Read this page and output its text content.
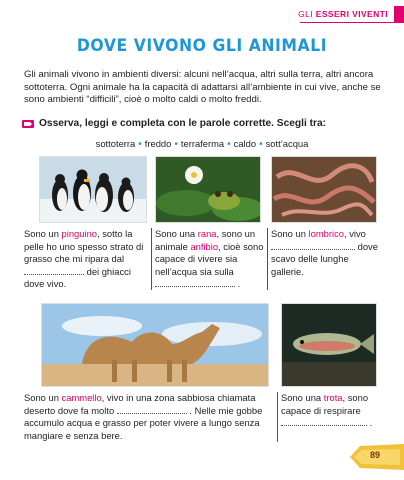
GLI ESSERI VIVENTI
DOVE VIVONO GLI ANIMALI
Gli animali vivono in ambienti diversi: alcuni nell’acqua, altri sulla terra, altri ancora sottoterra. Ogni animale ha la capacità di adattarsi all’ambiente in cui vive, anche se sono ambienti “difficili”, cioè o molto caldi o molto freddi.
Osserva, leggi e completa con le parole corrette. Scegli tra:
sottoterra • freddo • terraferma • caldo • sott’acqua
Sono un pinguino, sotto la pelle ho uno spesso strato di grasso che mi ripara dal  dei ghiacci dove vivo.
Sono una rana, sono un animale anfibio, cioè sono capace di vivere sia nell’acqua sia sulla  .
Sono un lombrico, vivo  dove scavo delle lunghe gallerie.
Sono un cammello, vivo in una zona sabbiosa chiamata deserto dove fa molto	. Nelle mie gobbe accumulo acqua e grasso per poter vivere a lungo senza mangiare e senza bere.
Sono una trota, sono capace di respirare  .
89
